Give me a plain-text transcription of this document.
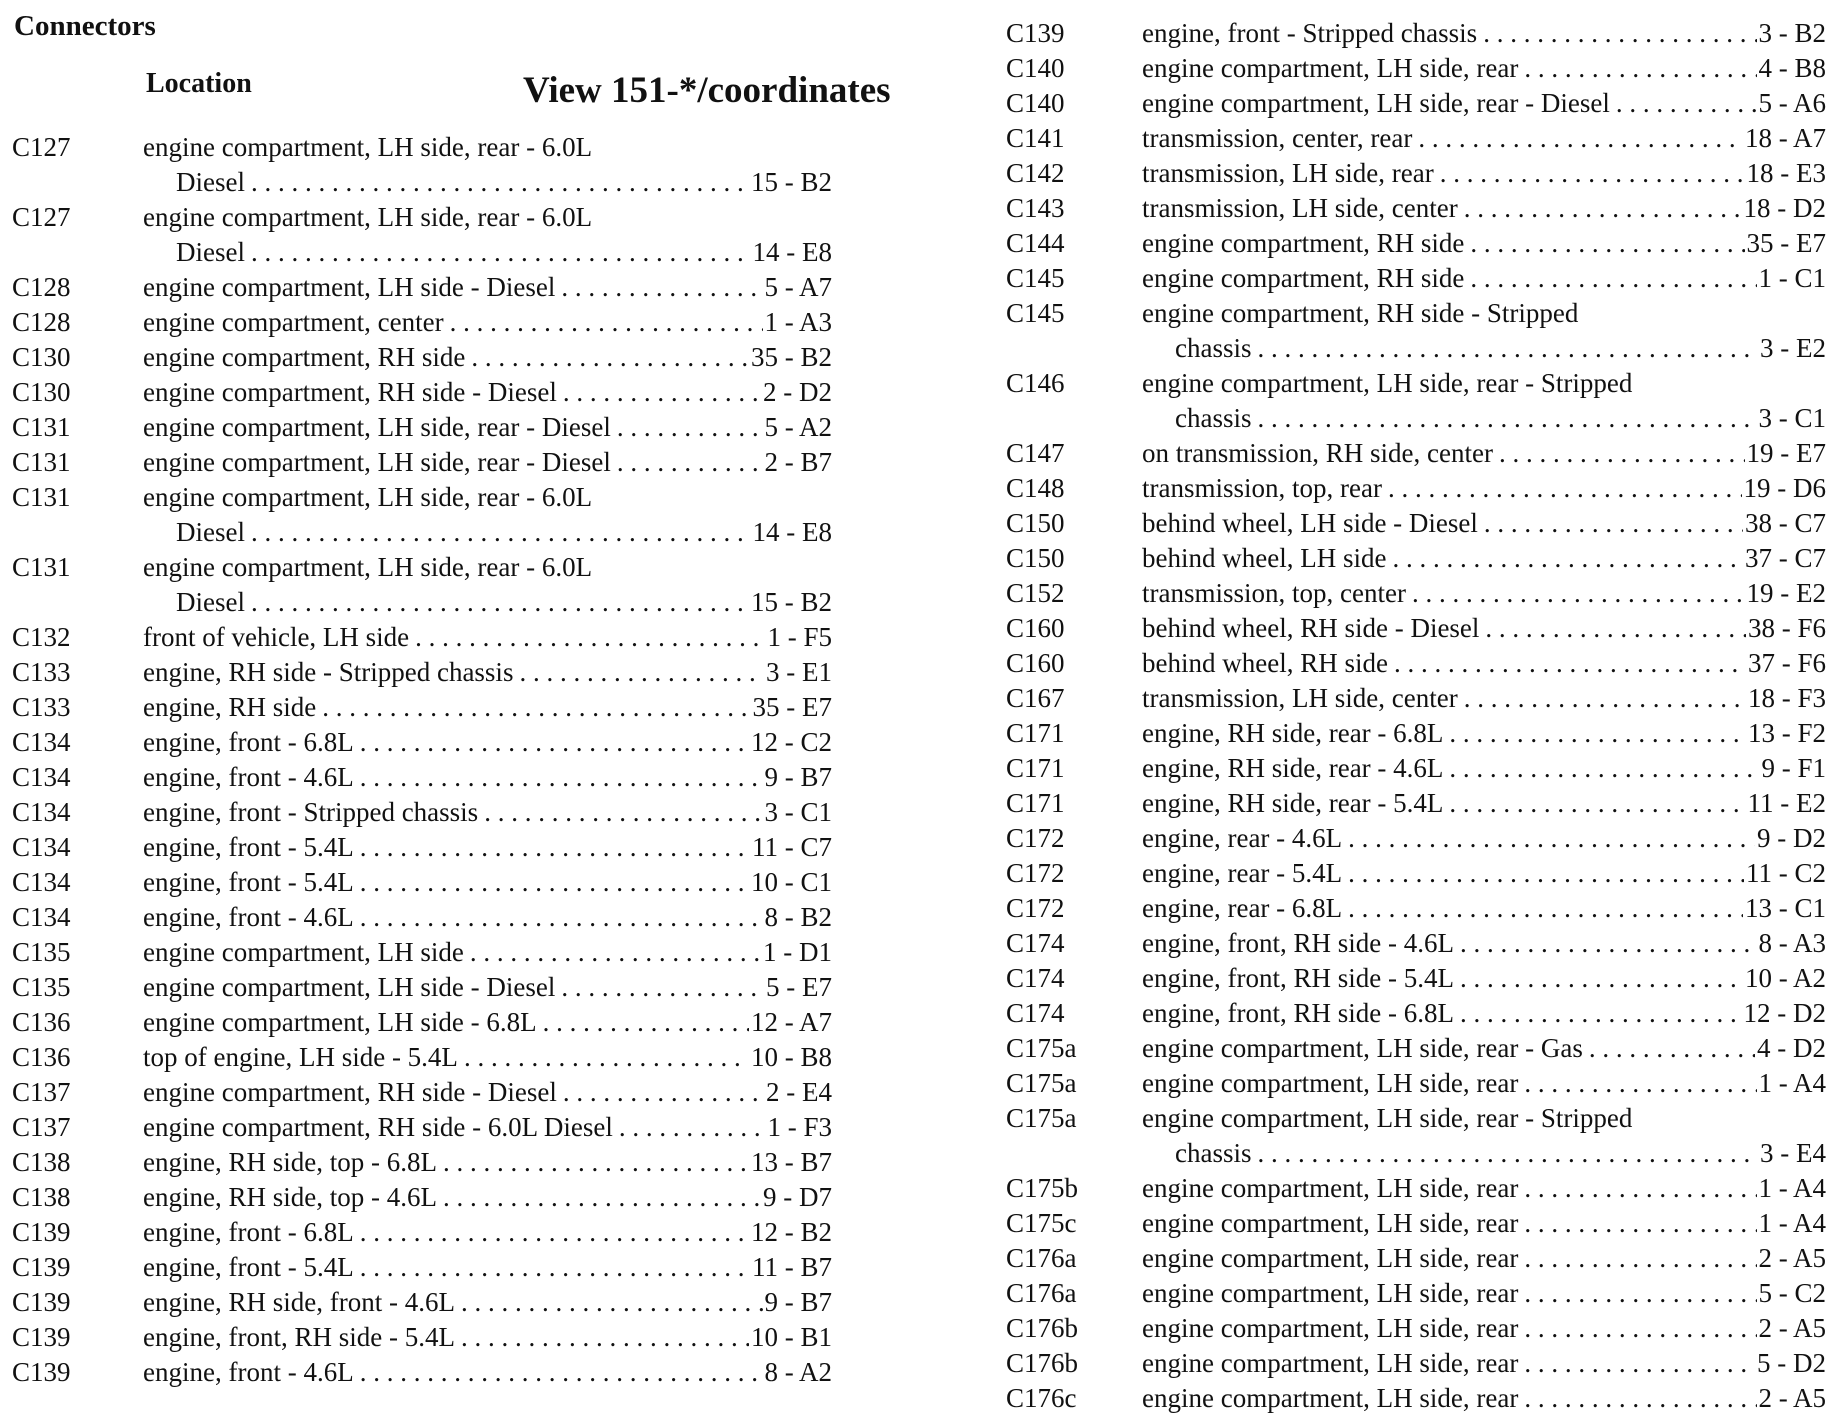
Connectors
Location	View 151-*/coordinates
C127	engine compartment, LH side, rear - 6.0L
Diesel . . .	15 - B2
C127	engine compartment, LH side, rear - 6.0L
Diesel . . .	14 - E8
C128	engine compartment, LH side - Diesel . . .	5 - A7
C128	engine compartment, center . . .	1 - A3
C130	engine compartment, RH side . . .	35 - B2
C130	engine compartment, RH side - Diesel . . .	2 - D2
C131	engine compartment, LH side, rear - Diesel . . .	5 - A2
C131	engine compartment, LH side, rear - Diesel . . .	2 - B7
C131	engine compartment, LH side, rear - 6.0L
Diesel . . .	14 - E8
C131	engine compartment, LH side, rear - 6.0L
Diesel . . .	15 - B2
C132	front of vehicle, LH side . . .	1 - F5
C133	engine, RH side - Stripped chassis . . .	3 - E1
C133	engine, RH side . . .	35 - E7
C134	engine, front - 6.8L . . .	12 - C2
C134	engine, front - 4.6L . . .	9 - B7
C134	engine, front - Stripped chassis . . .	3 - C1
C134	engine, front - 5.4L . . .	11 - C7
C134	engine, front - 5.4L . . .	10 - C1
C134	engine, front - 4.6L . . .	8 - B2
C135	engine compartment, LH side . . .	1 - D1
C135	engine compartment, LH side - Diesel . . .	5 - E7
C136	engine compartment, LH side - 6.8L . . .	12 - A7
C136	top of engine, LH side - 5.4L . . .	10 - B8
C137	engine compartment, RH side - Diesel . . .	2 - E4
C137	engine compartment, RH side - 6.0L Diesel . . .	1 - F3
C138	engine, RH side, top - 6.8L . . .	13 - B7
C138	engine, RH side, top - 4.6L . . .	9 - D7
C139	engine, front - 6.8L . . .	12 - B2
C139	engine, front - 5.4L . . .	11 - B7
C139	engine, RH side, front - 4.6L . . .	9 - B7
C139	engine, front, RH side - 5.4L . . .	10 - B1
C139	engine, front - 4.6L . . .	8 - A2
C139	engine, front - Stripped chassis . . .	3 - B2
C140	engine compartment, LH side, rear . . .	4 - B8
C140	engine compartment, LH side, rear - Diesel . . .	5 - A6
C141	transmission, center, rear . . .	18 - A7
C142	transmission, LH side, rear . . .	18 - E3
C143	transmission, LH side, center . . .	18 - D2
C144	engine compartment, RH side . . .	35 - E7
C145	engine compartment, RH side . . .	1 - C1
C145	engine compartment, RH side - Stripped
chassis . . .	3 - E2
C146	engine compartment, LH side, rear - Stripped
chassis . . .	3 - C1
C147	on transmission, RH side, center . . .	19 - E7
C148	transmission, top, rear . . .	19 - D6
C150	behind wheel, LH side - Diesel . . .	38 - C7
C150	behind wheel, LH side . . .	37 - C7
C152	transmission, top, center . . .	19 - E2
C160	behind wheel, RH side - Diesel . . .	38 - F6
C160	behind wheel, RH side . . .	37 - F6
C167	transmission, LH side, center . . .	18 - F3
C171	engine, RH side, rear - 6.8L . . .	13 - F2
C171	engine, RH side, rear - 4.6L . . .	9 - F1
C171	engine, RH side, rear - 5.4L . . .	11 - E2
C172	engine, rear - 4.6L . . .	9 - D2
C172	engine, rear - 5.4L . . .	11 - C2
C172	engine, rear - 6.8L . . .	13 - C1
C174	engine, front, RH side - 4.6L . . .	8 - A3
C174	engine, front, RH side - 5.4L . . .	10 - A2
C174	engine, front, RH side - 6.8L . . .	12 - D2
C175a engine compartment, LH side, rear - Gas . . .	4 - D2
C175a engine compartment, LH side, rear . . .	1 - A4
C175a engine compartment, LH side, rear - Stripped
chassis . . .	3 - E4
C175b engine compartment, LH side, rear . . .	1 - A4
C175c engine compartment, LH side, rear . . .	1 - A4
C176a engine compartment, LH side, rear . . .	2 - A5
C176a engine compartment, LH side, rear . . .	5 - C2
C176b engine compartment, LH side, rear . . .	2 - A5
C176b engine compartment, LH side, rear . . .	5 - D2
C176c engine compartment, LH side, rear . . .	2 - A5
